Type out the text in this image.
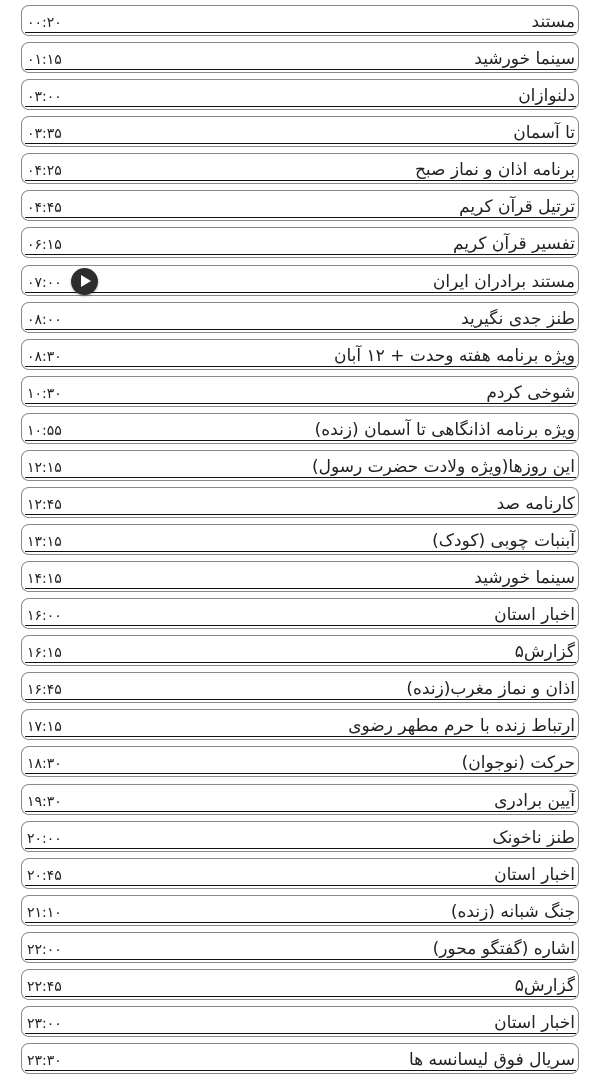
۰۰:۲۰	مستند
۰۱:۱۵	سینما خورشید
۰۳:۰۰	دلنوازان
۰۳:۳۵	تا آسمان
۰۴:۲۵	برنامه اذان و نماز صبح
۰۴:۴۵	ترتیل قرآن کریم
۰۶:۱۵	تفسیر قرآن کریم
۰۷:۰۰	مستند برادران ایران
۰۸:۰۰	طنز جدی نگیرید
۰۸:۳۰	ویژه برنامه هفته وحدت + ۱۲ آبان
۱۰:۳۰	شوخی کردم
۱۰:۵۵	ویژه برنامه اذانگاهی تا آسمان (زنده)
۱۲:۱۵	این روزها(ویژه ولادت حضرت رسول)
۱۲:۴۵	کارنامه صد
۱۳:۱۵	آبنبات چوبی (کودک)
۱۴:۱۵	سینما خورشید
۱۶:۰۰	اخبار استان
۱۶:۱۵	گزارش۵
۱۶:۴۵	اذان و نماز مغرب(زنده)
۱۷:۱۵	ارتباط زنده با حرم مطهر رضوی
۱۸:۳۰	حرکت (نوجوان)
۱۹:۳۰	آیین برادری
۲۰:۰۰	طنز ناخونک
۲۰:۴۵	اخبار استان
۲۱:۱۰	جنگ شبانه (زنده)
۲۲:۰۰	اشاره (گفتگو محور)
۲۲:۴۵	گزارش۵
۲۳:۰۰	اخبار استان
۲۳:۳۰	سریال فوق لیسانسه ها
